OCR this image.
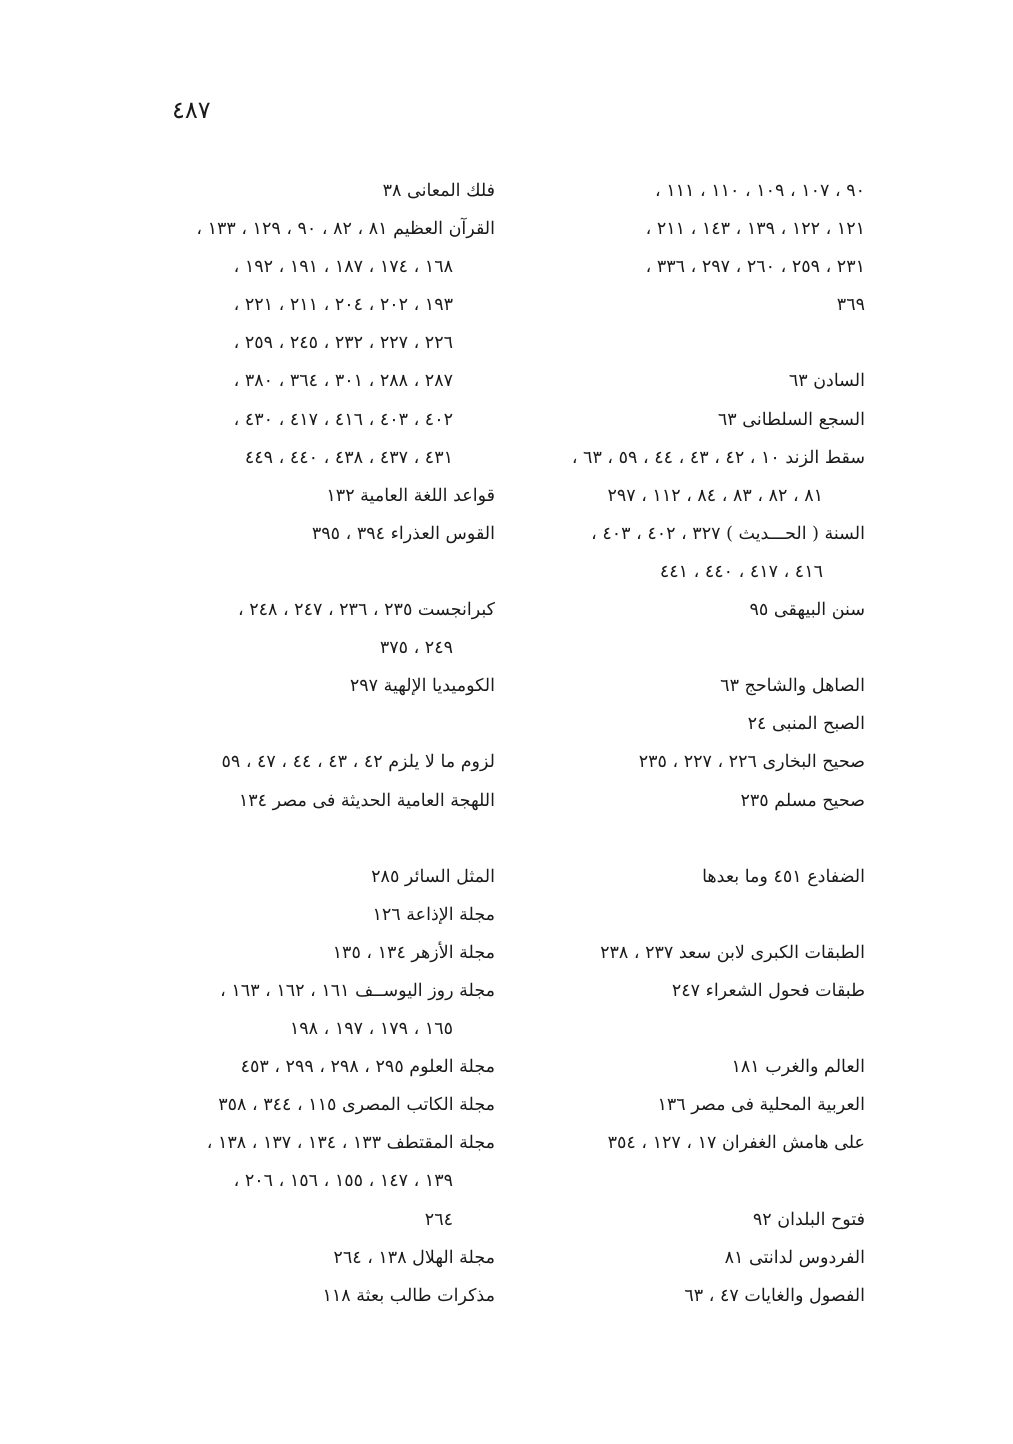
٤٨٧
٩٠ ، ١٠٧ ، ١٠٩ ، ١١٠ ، ١١١ ،
١٢١ ، ١٢٢ ، ١٣٩ ، ١٤٣ ، ٢١١ ،
٢٣١ ، ٢٥٩ ، ٢٦٠ ، ٢٩٧ ، ٣٣٦ ،
٣٦٩
السادن ٦٣
السجع السلطانى ٦٣
سقط الزند ١٠ ، ٤٢ ، ٤٣ ، ٤٤ ، ٥٩ ، ٦٣ ،
٨١ ، ٨٢ ، ٨٣ ، ٨٤ ، ١١٢ ، ٢٩٧
السنة ( الحـــديث ) ٣٢٧ ، ٤٠٢ ، ٤٠٣ ،
٤١٦ ، ٤١٧ ، ٤٤٠ ، ٤٤١
سنن البيهقى ٩٥
الصاهل والشاحج ٦٣
الصبح المنبى ٢٤
صحيح البخارى ٢٢٦ ، ٢٢٧ ، ٢٣٥
صحيح مسلم ٢٣٥
الضفادع ٤٥١ وما بعدها
الطبقات الكبرى لابن سعد ٢٣٧ ، ٢٣٨
طبقات فحول الشعراء ٢٤٧
العالم والغرب ١٨١
العربية المحلية فى مصر ١٣٦
على هامش الغفران ١٧ ، ١٢٧ ، ٣٥٤
فتوح البلدان ٩٢
الفردوس لدانتى ٨١
الفصول والغايات ٤٧ ، ٦٣
فلك المعانى ٣٨
القرآن العظيم ٨١ ، ٨٢ ، ٩٠ ، ١٢٩ ، ١٣٣ ،
١٦٨ ، ١٧٤ ، ١٨٧ ، ١٩١ ، ١٩٢ ،
١٩٣ ، ٢٠٢ ، ٢٠٤ ، ٢١١ ، ٢٢١ ،
٢٢٦ ، ٢٢٧ ، ٢٣٢ ، ٢٤٥ ، ٢٥٩ ،
٢٨٧ ، ٢٨٨ ، ٣٠١ ، ٣٦٤ ، ٣٨٠ ،
٤٠٢ ، ٤٠٣ ، ٤١٦ ، ٤١٧ ، ٤٣٠ ،
٤٣١ ، ٤٣٧ ، ٤٣٨ ، ٤٤٠ ، ٤٤٩
قواعد اللغة العامية ١٣٢
القوس العذراء ٣٩٤ ، ٣٩٥
كبرانجست ٢٣٥ ، ٢٣٦ ، ٢٤٧ ، ٢٤٨ ،
٢٤٩ ، ٣٧٥
الكوميديا الإلهية ٢٩٧
لزوم ما لا يلزم ٤٢ ، ٤٣ ، ٤٤ ، ٤٧ ، ٥٩
اللهجة العامية الحديثة فى مصر ١٣٤
المثل السائر ٢٨٥
مجلة الإذاعة ١٢٦
مجلة الأزهر ١٣٤ ، ١٣٥
مجلة روز اليوســف ١٦١ ، ١٦٢ ، ١٦٣ ،
١٦٥ ، ١٧٩ ، ١٩٧ ، ١٩٨
مجلة العلوم ٢٩٥ ، ٢٩٨ ، ٢٩٩ ، ٤٥٣
مجلة الكاتب المصرى ١١٥ ، ٣٤٤ ، ٣٥٨
مجلة المقتطف ١٣٣ ، ١٣٤ ، ١٣٧ ، ١٣٨ ،
١٣٩ ، ١٤٧ ، ١٥٥ ، ١٥٦ ، ٢٠٦ ،
٢٦٤
مجلة الهلال ١٣٨ ، ٢٦٤
مذكرات طالب بعثة ١١٨
